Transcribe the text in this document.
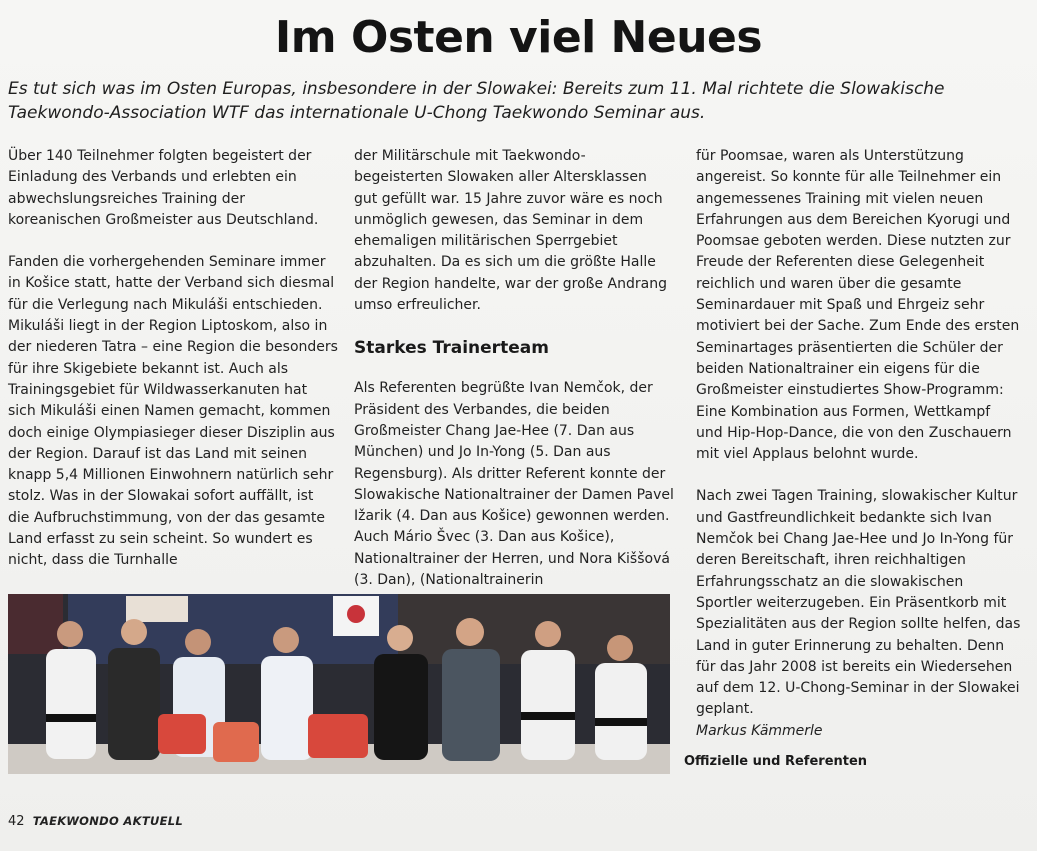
Im Osten viel Neues
Es tut sich was im Osten Europas, insbesondere in der Slowakei: Bereits zum 11. Mal richtete die Slowakische Taekwondo-Association WTF das internationale U-Chong Taekwondo Seminar aus.

Über 140 Teilnehmer folgten begeistert der Einladung des Verbands und erlebten ein abwechslungsreiches Training der koreanischen Großmeister aus Deutschland.

Fanden die vorhergehenden Seminare immer in Košice statt, hatte der Verband sich diesmal für die Verlegung nach Mikuláši entschieden. Mikuláši liegt in der Region Liptoskom, also in der niederen Tatra – eine Region die besonders für ihre Skigebiete bekannt ist. Auch als Trainingsgebiet für Wildwasserkanuten hat sich Mikuláši einen Namen gemacht, kommen doch einige Olympiasieger dieser Disziplin aus der Region. Darauf ist das Land mit seinen knapp 5,4 Millionen Einwohnern natürlich sehr stolz. Was in der Slowakai sofort auffällt, ist die Aufbruchstimmung, von der das gesamte Land erfasst zu sein scheint. So wundert es nicht, dass die Turnhalle

der Militärschule mit Taekwondo-begeisterten Slowaken aller Altersklassen gut gefüllt war. 15 Jahre zuvor wäre es noch unmöglich gewesen, das Seminar in dem ehemaligen militärischen Sperrgebiet abzuhalten. Da es sich um die größte Halle der Region handelte, war der große Andrang umso erfreulicher.

Starkes Trainerteam

Als Referenten begrüßte Ivan Nemčok, der Präsident des Verbandes, die beiden Großmeister Chang Jae-Hee (7. Dan aus München) und Jo In-Yong (5. Dan aus Regensburg). Als dritter Referent konnte der Slowakische Nationaltrainer der Damen Pavel Ižarik (4. Dan aus Košice) gewonnen werden. Auch Mário Švec (3. Dan aus Košice), Nationaltrainer der Herren, und Nora Kiššová (3. Dan), (Nationaltrainerin

für Poomsae, waren als Unterstützung angereist. So konnte für alle Teilnehmer ein angemessenes Training mit vielen neuen Erfahrungen aus dem Bereichen Kyorugi und Poomsae geboten werden. Diese nutzten zur Freude der Referenten diese Gelegenheit reichlich und waren über die gesamte Seminardauer mit Spaß und Ehrgeiz sehr motiviert bei der Sache. Zum Ende des ersten Seminartages präsentierten die Schüler der beiden Nationaltrainer ein eigens für die Großmeister einstudiertes Show-Programm: Eine Kombination aus Formen, Wettkampf und Hip-Hop-Dance, die von den Zuschauern mit viel Applaus belohnt wurde.

Nach zwei Tagen Training, slowakischer Kultur und Gastfreundlichkeit bedankte sich Ivan Nemčok bei Chang Jae-Hee und Jo In-Yong für deren Bereitschaft, ihren reichhaltigen Erfahrungsschatz an die slowakischen Sportler weiterzugeben. Ein Präsentkorb mit Spezialitäten aus der Region sollte helfen, das Land in guter Erinnerung zu behalten. Denn für das Jahr 2008 ist bereits ein Wiedersehen auf dem 12. U-Chong-Seminar in der Slowakei geplant.

Markus Kämmerle
Offizielle und Referenten
42 TAEKWONDO AKTUELL
